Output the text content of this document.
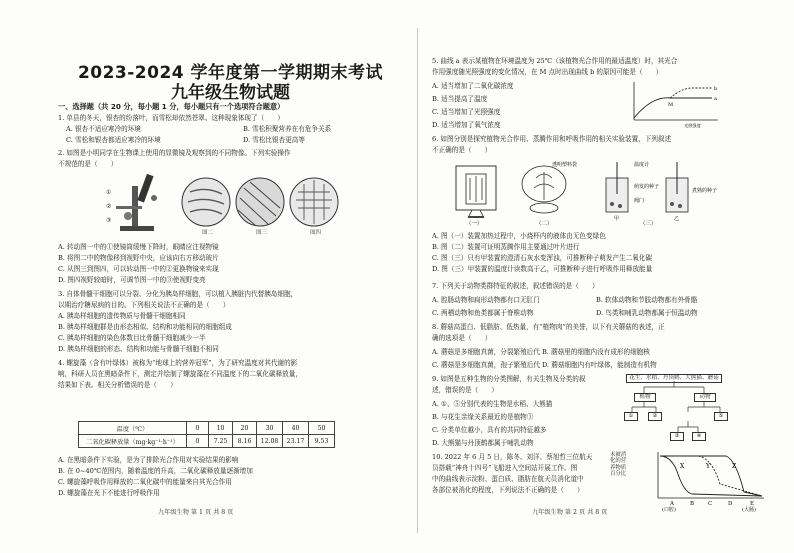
2023-2024 学年度第一学期期末考试
九年级生物试题
一、选择题（共 20 分，每小题 1 分，每小题只有一个选项符合题意）
1. 单县的冬天，银杏的纷落叶，而雪松却依然苍翠。这种现象体现了（　　）
A. 银杏不适应寒冷的环境	B. 雪松积聚营养在有危争关系
C. 雪松和银杏都适应寒冷的环境	D. 雪松比银杏更高等
2. 如图是小明同学在生物课上使用的显微镜及观察到的不同物像。下列实验操作
不规范的是（　　）
①
②
③
图二	图三	图四
A. 转动图一中的①使镜筒缓慢下降时，眼睛应注视物镜
B. 将图二中的物像移到视野中央，应该向右方移动玻片
C. 从图三到图四，可以转动图一中的②更换物镜来实现
D. 图四视野较暗时，可调节图一中的③使视野变亮
3. 自体骨髓干细胞可以分裂、分化为胰岛样细胞，可以植入胰脏内代替胰岛细胞，
以期治疗糖尿病的目的。下列相关说法不正确的是（　　）
A. 胰岛样细胞的遗传物质与骨髓干细胞相同
B. 胰岛样细胞群是由形态相似、结构和功能相同的细胞组成
C. 胰岛样细胞的染色体数目比骨髓干细胞减少一半
D. 胰岛样细胞的形态、结构和功能与骨髓干细胞不相同
4. 螺旋藻（含有叶绿体）被称为“地球上的营养冠军”，为了研究温度对其代谢的影
响，科研人员在黑暗条件下，测定并绘制了螺旋藻在不同温度下的二氧化碳释放量，
结果如下表。相关分析错误的是（　　）
温度（℃）	0	10	20	30	40	50
二氧化碳释放量（mg·kg⁻¹·h⁻¹）	0	7.25	8.16	12.08	23.17	9.53
A. 在黑暗条件下实验，是为了排除光合作用对实验结果的影响
B. 在 0~40℃范围内，随着温度的升高，二氧化碳释放量逐渐增加
C. 螺旋藻呼吸作用释放的二氧化碳中的能量来自其光合作用
D. 螺旋藻在光下不能进行呼吸作用
九年级生物 第 1 页 共 8 页
5. 曲线 a 表示某植物在环境温度为 25℃（该植物光合作用的最适温度）时，其光合
作用强度随光照强度的变化情况，在 M 点时出现曲线 b 的原因可能是（　　）
A. 适当增加了二氧化碳浓度
B. 适当提高了温度
C. 适当增加了光照强度
D. 适当增加了氧气浓度
b
a
M
光照强度
6. 如图分别是探究植物光合作用、蒸腾作用和呼吸作用的相关实验装置，下列叙述
不正确的是（　　）
透明塑料袋	温度计
萌发的种子
煮熟的种子
阀门
甲	乙
（一）	（二）	（三）
A. 图（一）装置加热过程中，小烧杯内的液体由无色变绿色
B. 图（二）装置可证明蒸腾作用主要通过叶片进行
C. 图（三）只有甲装置的澄清石灰水变浑浊，可推断种子萌发产生二氧化碳
D. 图（三）甲装置的温度计读数高于乙，可推断种子进行呼吸作用释放能量
7. 下列关于动物类群特征的叙述，叙述错误的是（　　）
A. 腔肠动物和扁形动物都有口无肛门	B. 软体动物和节肢动物都有外骨骼
C. 两栖动物和鱼类都属于脊椎动物	D. 鸟类和哺乳动物都属于恒温动物
8. 蘑菇高蛋白、低脂肪、低热量，有“植物肉”的美誉，以下有关蘑菇的表述，正
确的选项是（　　）
A. 蘑菇是多细胞真菌，分裂繁殖后代 B. 蘑菇里的细胞内没有成形的细胞核
C. 蘑菇是多细胞真菌，孢子繁殖后代 D. 蘑菇细胞内有叶绿体，能制造有机物
9. 如图是五种生物的分类图解，有关生物及分类的叙
述，错误的是（　　）
A. ①、⑤分别代表的生物是水稻、大熊猫
B. 与花生亲缘关系最近的是植物③
C. 分类单位越小，具有的共同特征越多
D. 大熊猫与丹顶鹤都属于哺乳动物
花生、水稻、丹顶鹤、大熊猫、蘑菇
植物	动物
①	②
③	④
⑤
10. 2022 年 6 月 5 日，陈冬、刘洋、蔡旭哲三位航天
员搭载“神舟十四号”飞船进入空间站开展工作。图
中的曲线表示淀粉、蛋白质、脂肪在航天员消化道中
各部位被消化的程度，下列说法不正确的是（　　）
X	Y	Z
A	B	C	D	E
(口腔)	(大肠)
未被消化的营养物质百分比
九年级生物 第 2 页 共 8 页
